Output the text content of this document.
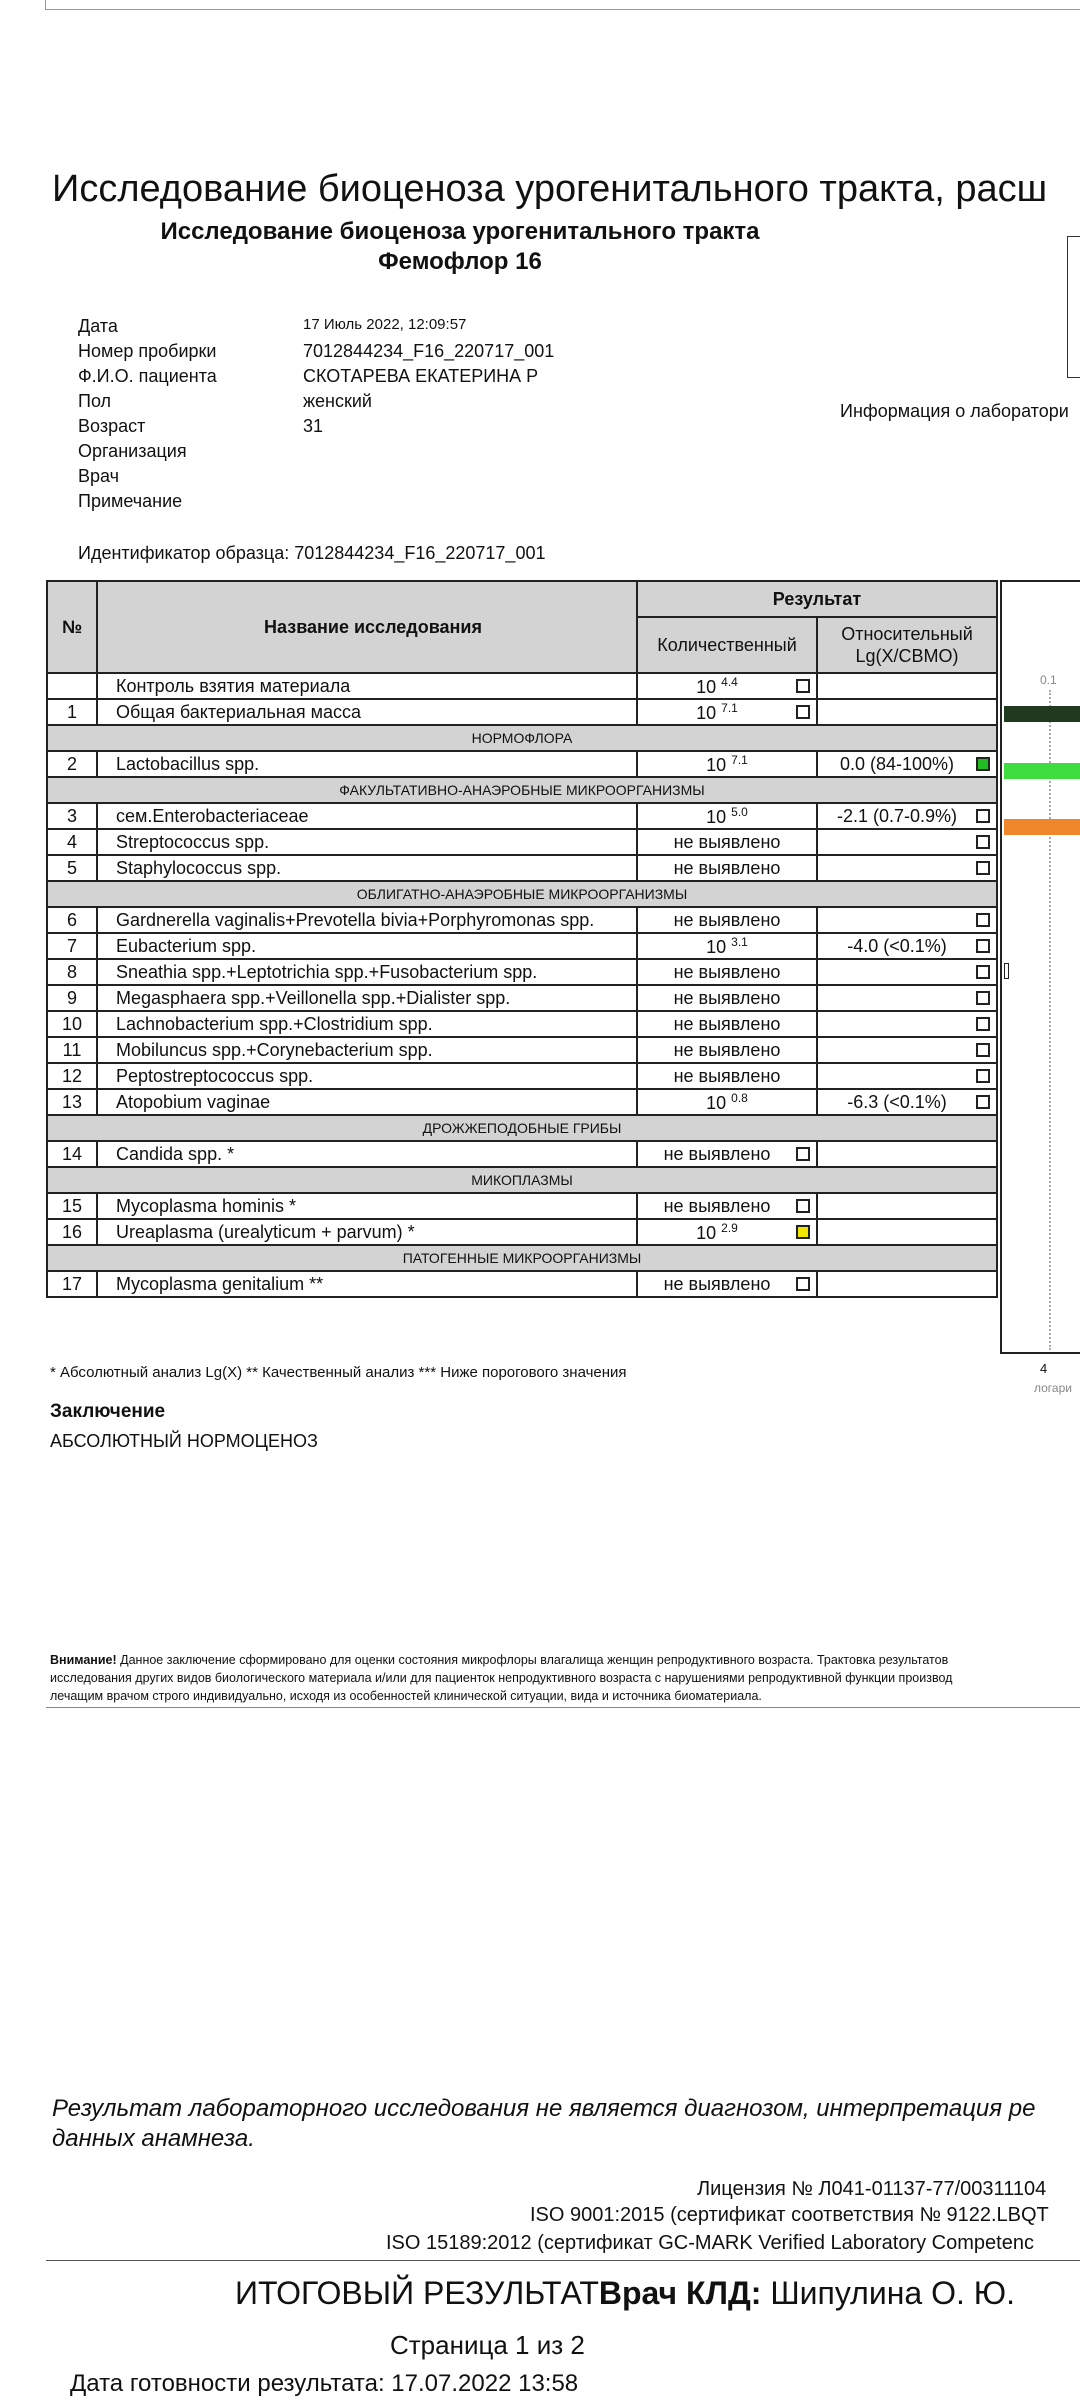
Исследование биоценоза урогенитального тракта, расш
Исследование биоценоза урогенитального тракта
Фемофлор 16
Дата	17 Июль 2022, 12:09:57
Номер пробирки	7012844234_F16_220717_001
Ф.И.О. пациента	СКОТАРЕВА ЕКАТЕРИНА Р
Пол	женский
Возраст	31
Организация
Врач
Примечание
Информация о лаборатори
Идентификатор образца: 7012844234_F16_220717_001
№	Название исследования	Результат	
		Количественный	Относительный Lg(X/СВМО)
	Контроль взятия материала	10 $^{4.4}$

1	Общая бактериальная масса	10 $^{7.1}$

НОРМОФЛОРА			
2	Lactobacillus spp.	10 $^{7.1}$	0.0 (84-100%)

ФАКУЛЬТАТИВНО-АНАЭРОБНЫЕ МИКРООРГАНИЗМЫ			
3	сем.Enterobacteriaceae	10 $^{5.0}$	-2.1 (0.7-0.9%)

4	Streptococcus spp.	не выявлено	

5	Staphylococcus spp.	не выявлено	

ОБЛИГАТНО-АНАЭРОБНЫЕ МИКРООРГАНИЗМЫ			
6	Gardnerella vaginalis+Prevotella bivia+Porphyromonas spp.	не выявлено	

7	Eubacterium spp.	10 $^{3.1}$	-4.0 (<0.1%)

8	Sneathia spp.+Leptotrichia spp.+Fusobacterium spp.	не выявлено	

9	Megasphaera spp.+Veillonella spp.+Dialister spp.	не выявлено	

10	Lachnobacterium spp.+Clostridium spp.	не выявлено	

11	Mobiluncus spp.+Corynebacterium spp.	не выявлено	

12	Peptostreptococcus spp.	не выявлено	

13	Atopobium vaginae	10 $^{0.8}$	-6.3 (<0.1%)

ДРОЖЖЕПОДОБНЫЕ ГРИБЫ			
14	Candida spp. *	не выявлено	

МИКОПЛАЗМЫ			
15	Mycoplasma hominis *	не выявлено	

16	Ureaplasma (urealyticum + parvum) *	10 $^{2.9}$

ПАТОГЕННЫЕ МИКРООРГАНИЗМЫ			
17	Mycoplasma genitalium **	не выявлено	

0.1
4
логари
* Абсолютный анализ Lg(X) ** Качественный анализ *** Ниже порогового значения
Заключение
АБСОЛЮТНЫЙ НОРМОЦЕНОЗ
Внимание! Данное заключение сформировано для оценки состояния микрофлоры влагалища женщин репродуктивного возраста. Трактовка результатов
исследования других видов биологического материала и/или для пациенток непродуктивного возраста с нарушениями репродуктивной функции производ
лечащим врачом строго индивидуально, исходя из особенностей клинической ситуации, вида и источника биоматериала.
Результат лабораторного исследования не является диагнозом, интерпретация ре
данных анамнеза.
Лицензия № Л041-01137-77/00311104
ISO 9001:2015 (сертификат соответствия № 9122.LBQT
ISO 15189:2012 (сертификат GC-MARK Verified Laboratory Competenc
ИТОГОВЫЙ РЕЗУЛЬТАТВрач КЛД: Шипулина О. Ю.
Страница 1 из 2
Дата готовности результата: 17.07.2022 13:58
